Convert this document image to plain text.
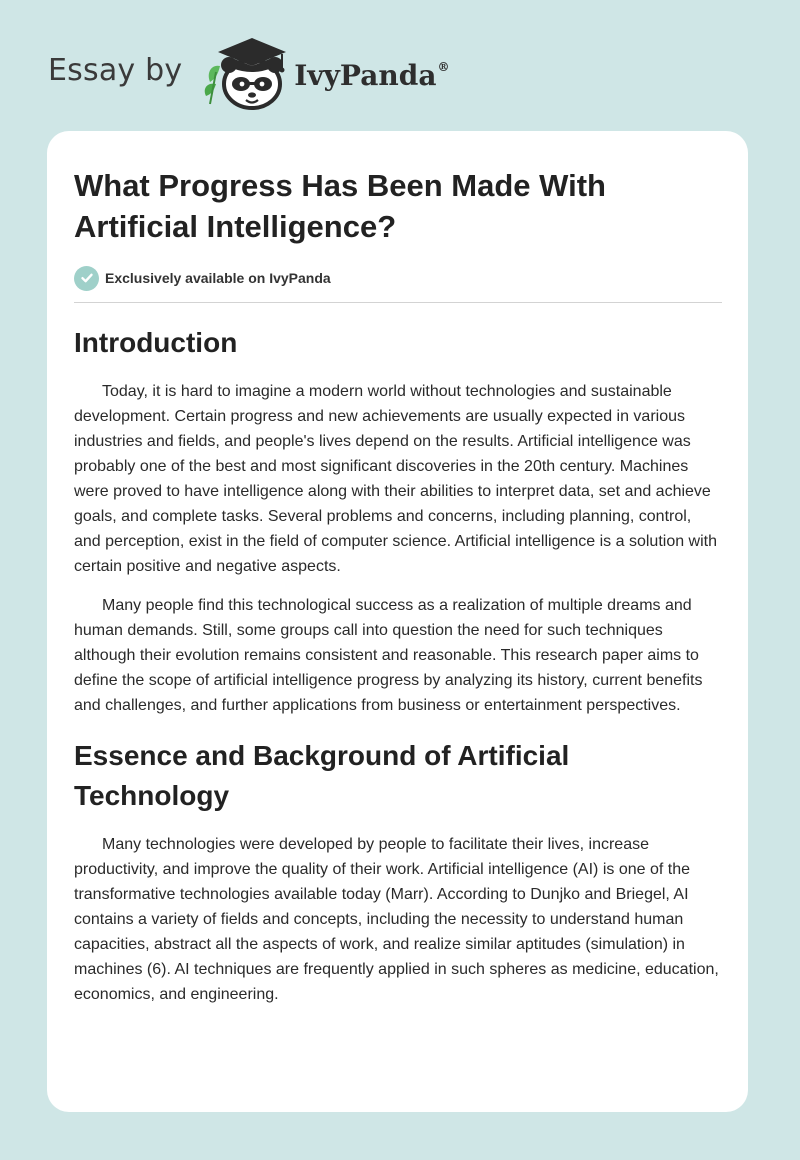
Essay by	IvyPanda®
What Progress Has Been Made With Artificial Intelligence?
Exclusively available on IvyPanda
Introduction

Today, it is hard to imagine a modern world without technologies and sustainable development. Certain progress and new achievements are usually expected in various industries and fields, and people's lives depend on the results. Artificial intelligence was probably one of the best and most significant discoveries in the 20th century. Machines were proved to have intelligence along with their abilities to interpret data, set and achieve goals, and complete tasks. Several problems and concerns, including planning, control, and perception, exist in the field of computer science. Artificial intelligence is a solution with certain positive and negative aspects.

Many people find this technological success as a realization of multiple dreams and human demands. Still, some groups call into question the need for such techniques although their evolution remains consistent and reasonable. This research paper aims to define the scope of artificial intelligence progress by analyzing its history, current benefits and challenges, and further applications from business or entertainment perspectives.

Essence and Background of Artificial Technology

Many technologies were developed by people to facilitate their lives, increase productivity, and improve the quality of their work. Artificial intelligence (AI) is one of the transformative technologies available today (Marr). According to Dunjko and Briegel, AI contains a variety of fields and concepts, including the necessity to understand human capacities, abstract all the aspects of work, and realize similar aptitudes (simulation) in machines (6). AI techniques are frequently applied in such spheres as medicine, education, economics, and engineering.
